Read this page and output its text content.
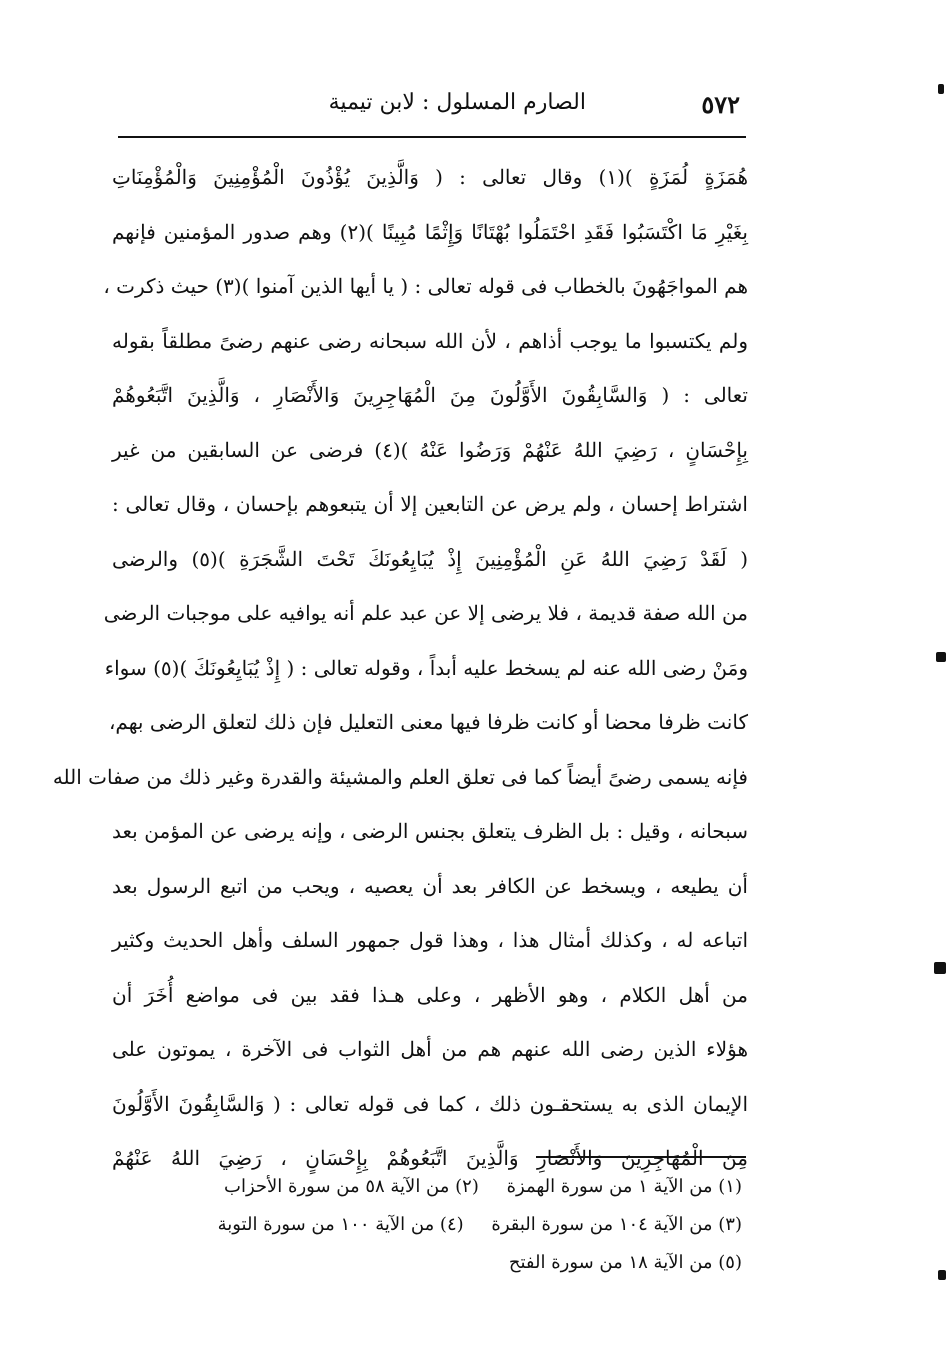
٥٧٢
الصارم المسلول : لابن تيمية
هُمَزَةٍ لُمَزَةٍ )(١) وقال تعالى : ( وَالَّذِينَ يُؤْذُونَ الْمُؤْمِنِينَ وَالْمُؤْمِنَاتِ
بِغَيْرِ مَا اكْتَسَبُوا فَقَدِ احْتَمَلُوا بُهْتَانًا وَإِثْمًا مُبِينًا )(٢) وهم صدور المؤمنين فإنهم
هم المواجَهُونَ بالخطاب فى قوله تعالى : ( يا أيها الذين آمنوا )(٣) حيث ذكرت ،
ولم يكتسبوا ما يوجب أذاهم ، لأن الله سبحانه رضى عنهم رضىً مطلقاً بقوله
تعالى : ( وَالسَّابِقُونَ الأَوَّلُونَ مِنَ الْمُهَاجِرِينَ وَالأَنْصَارِ ، وَالَّذِينَ اتَّبَعُوهُمْ
بِإِحْسَانٍ ، رَضِيَ اللهُ عَنْهُمْ وَرَضُوا عَنْهُ )(٤) فرضى عن السابقين من غير
اشتراط إحسان ، ولم يرض عن التابعين إلا أن يتبعوهم بإحسان ، وقال تعالى :
( لَقَدْ رَضِيَ اللهُ عَنِ الْمُؤْمِنِينَ إِذْ يُبَايِعُونَكَ تَحْتَ الشَّجَرَةِ )(٥) والرضى
من الله صفة قديمة ، فلا يرضى إلا عن عبد علم أنه يوافيه على موجبات الرضى
ومَنْ رضى الله عنه لم يسخط عليه أبداً ، وقوله تعالى : ( إِذْ يُبَايِعُونَكَ )(٥) سواء
كانت ظرفا محضا أو كانت ظرفا فيها معنى التعليل فإن ذلك لتعلق الرضى بهم،
فإنه يسمى رضىً أيضاً كما فى تعلق العلم والمشيئة والقدرة وغير ذلك من صفات الله
سبحانه ، وقيل : بل الظرف يتعلق بجنس الرضى ، وإنه يرضى عن المؤمن بعد
أن يطيعه ، ويسخط عن الكافر بعد أن يعصيه ، ويحب من اتبع الرسول بعد
اتباعه له ، وكذلك أمثال هذا ، وهذا قول جمهور السلف وأهل الحديث وكثير
من أهل الكلام ، وهو الأظهر ، وعلى هـذا فقد بين فى مواضع أُخَرَ أن
هؤلاء الذين رضى الله عنهم هم من أهل الثواب فى الآخرة ، يموتون على
الإيمان الذى به يستحقـون ذلك ، كما فى قوله تعالى : ( وَالسَّابِقُونَ الأَوَّلُونَ
مِنَ الْمُهَاجِرِينَ وَالأَنْصَارِ وَالَّذِينَ اتَّبَعُوهُمْ بِإِحْسَانٍ ، رَضِيَ اللهُ عَنْهُمْ
(١) من الآية ١ من سورة الهمزة (٢) من الآية ٥٨ من سورة الأحزاب
(٣) من الآية ١٠٤ من سورة البقرة (٤) من الآية ١٠٠ من سورة التوبة
(٥) من الآية ١٨ من سورة الفتح
